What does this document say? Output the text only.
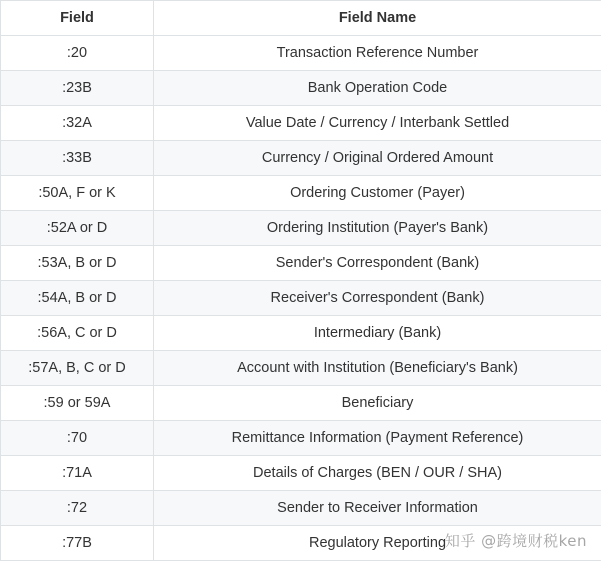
Field	Field Name
:20	Transaction Reference Number
:23B	Bank Operation Code
:32A	Value Date / Currency / Interbank Settled
:33B	Currency / Original Ordered Amount
:50A, F or K	Ordering Customer (Payer)
:52A or D	Ordering Institution (Payer's Bank)
:53A, B or D	Sender's Correspondent (Bank)
:54A, B or D	Receiver's Correspondent (Bank)
:56A, C or D	Intermediary (Bank)
:57A, B, C or D	Account with Institution (Beneficiary's Bank)
:59 or 59A	Beneficiary
:70	Remittance Information (Payment Reference)
:71A	Details of Charges (BEN / OUR / SHA)
:72	Sender to Receiver Information
:77B	Regulatory Reporting
知乎 @跨境财税ken
